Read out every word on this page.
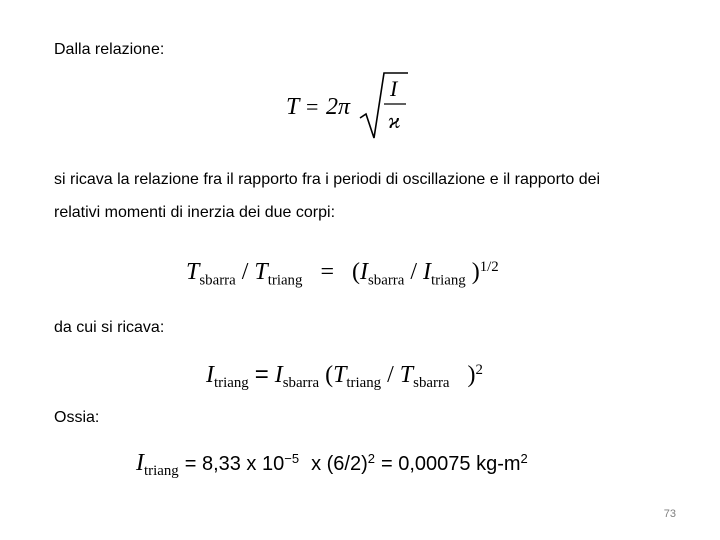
Dalla relazione:
T = 2π
I
ϰ
si ricava la relazione fra il rapporto fra i periodi di oscillazione e il rapporto dei
relativi momenti di inerzia dei due corpi:
$T_{sbarra} / T_{triang} = (I_{sbarra} / I_{triang}$ )$^{1/2}$
da cui si ricava:
$I_{triang} = I_{sbarra}$ ($T_{triang} / T_{sbarra}$ )$^2$
Ossia:
$I_{triang} = 8,33$ x $10^{-5}$ x $(6/2)^2 = 0,00075$ $kg-m^2$
73
